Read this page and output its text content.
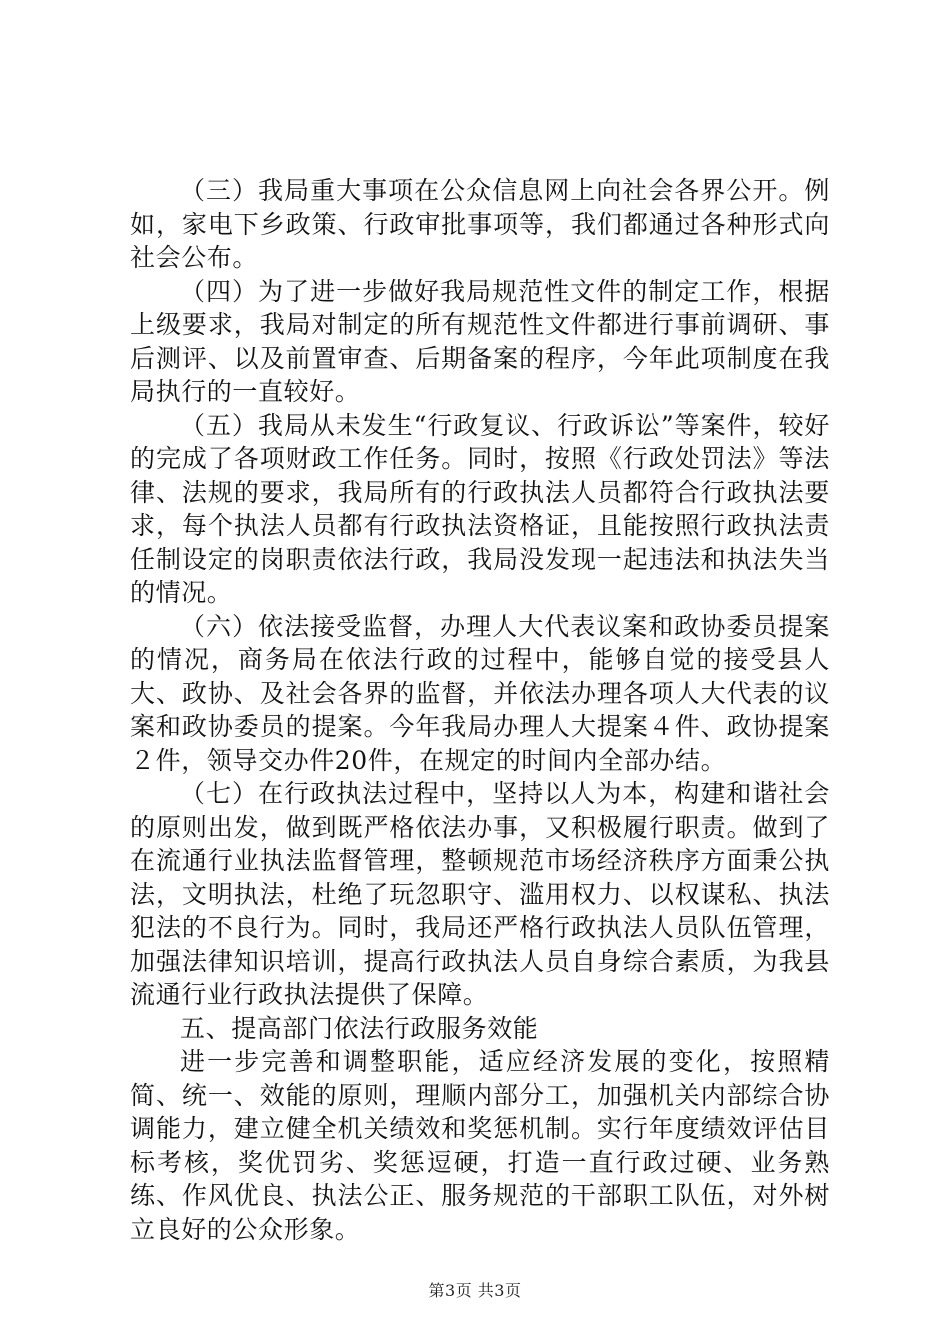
（三）我局重大事项在公众信息网上向社会各界公开。例如，家电下乡政策、行政审批事项等，我们都通过各种形式向社会公布。

（四）为了进一步做好我局规范性文件的制定工作，根据上级要求，我局对制定的所有规范性文件都进行事前调研、事后测评、以及前置审查、后期备案的程序，今年此项制度在我局执行的一直较好。

（五）我局从未发生“行政复议、行政诉讼”等案件，较好的完成了各项财政工作任务。同时，按照《行政处罚法》等法律、法规的要求，我局所有的行政执法人员都符合行政执法要求，每个执法人员都有行政执法资格证，且能按照行政执法责任制设定的岗职责依法行政，我局没发现一起违法和执法失当的情况。

（六）依法接受监督，办理人大代表议案和政协委员提案的情况，商务局在依法行政的过程中，能够自觉的接受县人大、政协、及社会各界的监督，并依法办理各项人大代表的议案和政协委员的提案。今年我局办理人大提案４件、政协提案２件，领导交办件20件，在规定的时间内全部办结。

（七）在行政执法过程中，坚持以人为本，构建和谐社会的原则出发，做到既严格依法办事，又积极履行职责。做到了在流通行业执法监督管理，整顿规范市场经济秩序方面秉公执法，文明执法，杜绝了玩忽职守、滥用权力、以权谋私、执法犯法的不良行为。同时，我局还严格行政执法人员队伍管理，加强法律知识培训，提高行政执法人员自身综合素质，为我县流通行业行政执法提供了保障。

五、提高部门依法行政服务效能

进一步完善和调整职能，适应经济发展的变化，按照精简、统一、效能的原则，理顺内部分工，加强机关内部综合协调能力，建立健全机关绩效和奖惩机制。实行年度绩效评估目标考核，奖优罚劣、奖惩逗硬，打造一直行政过硬、业务熟练、作风优良、执法公正、服务规范的干部职工队伍，对外树立良好的公众形象。

第3页 共3页
